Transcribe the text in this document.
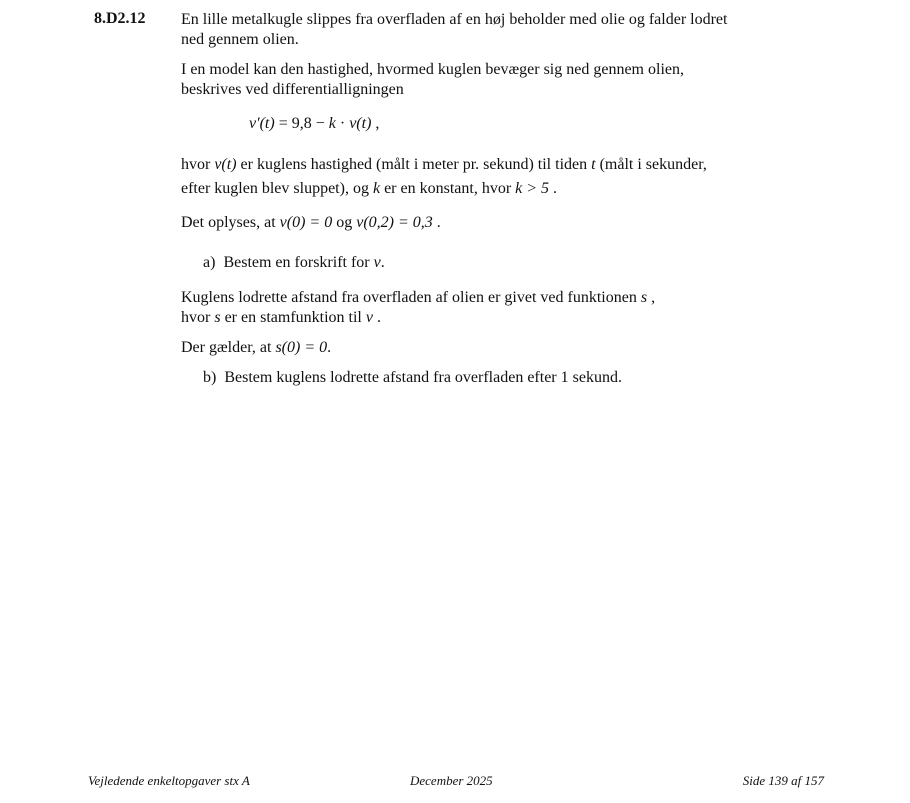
8.D2.12 En lille metalkugle slippes fra overfladen af en høj beholder med olie og falder lodret
ned gennem olien.
I en model kan den hastighed, hvormed kuglen bevæger sig ned gennem olien,
beskrives ved differentialligningen
v′(t) = 9,8 − k · v(t) ,
hvor v(t) er kuglens hastighed (målt i meter pr. sekund) til tiden t (målt i sekunder,
efter kuglen blev sluppet), og k er en konstant, hvor k > 5 .
Det oplyses, at v(0) = 0 og v(0,2) = 0,3 .
a) Bestem en forskrift for v.
Kuglens lodrette afstand fra overfladen af olien er givet ved funktionen s ,
hvor s er en stamfunktion til v .
Der gælder, at s(0) = 0.
b) Bestem kuglens lodrette afstand fra overfladen efter 1 sekund.
Vejledende enkeltopgaver stx A	December 2025	Side 139 af 157
